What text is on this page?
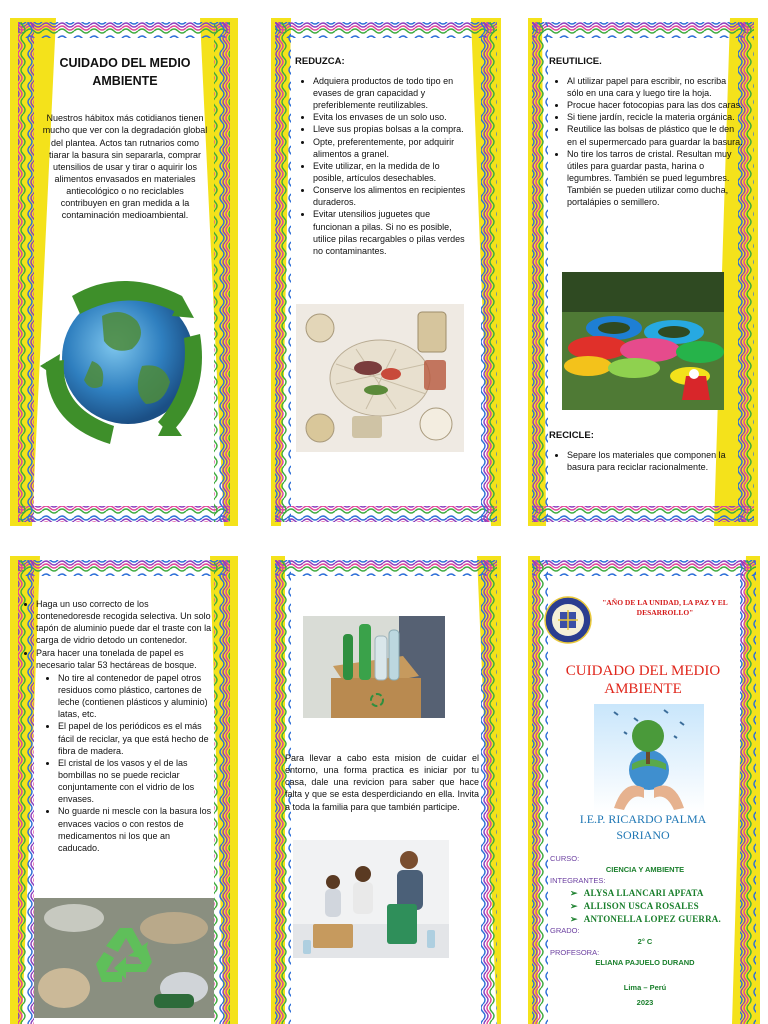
CUIDADO DEL MEDIO AMBIENTE
Nuestros hábitox más cotidianos tienen mucho que ver con la degradación global del plantea. Actos tan rutnarios como tiarar la basura sin separarla, comprar utensilios de usar y tirar o aquirir los alimentos envasados en materiales antiecológico o no reciclables contribuyen en gran medida a la contaminación medioambiental.
REDUZCA:
• Adquiera productos de todo tipo en evases de gran capacidad y preferiblemente reutilizables.
• Evita los envases de un solo uso.
• Lleve sus propias bolsas a la compra.
• Opte, preferentemente, por adquirir alimentos a granel.
• Evite utilizar, en la medida de lo posible, artículos desechables.
• Conserve los alimentos en recipientes duraderos.
• Evitar utensilios juguetes que funcionan a pilas. Si no es posible, utilice pilas recargables o pilas verdes no contaminantes.
REUTILICE.
• Al utilizar papel para escribir, no escriba sólo en una cara y luego tire la hoja.
• Procue hacer fotocopias para las dos caras.
• Si tiene jardín, recicle la materia orgánica.
• Reutilice las bolsas de plástico que le den en el supermercado para guardar la basura.
• No tire los tarros de cristal. Resultan muy útiles para guardar pasta, harina o legumbres. También se pued legumbres. También se pueden utilizar como ducha, portalápies o semillero.
RECICLE:
• Separe los materiales que componen la basura para reciclar racionalmente.
• Haga un uso correcto de los contenedoresde recogida selectiva. Un solo tapón de aluminio puede dar el traste con la carga de vidrio detodo un contenedor.
• Para hacer una tonelada de papel es necesario talar 53 hectáreas de bosque.
• No tire al contenedor de papel otros residuos como plástico, cartones de leche (contienen plásticos y aluminio) latas, etc.
• El papel de los periódicos es el más fácil de reciclar, ya que está hecho de fibra de madera.
• El cristal de los vasos y el de las bombillas no se puede reciclar conjuntamente con el vidrio de los envases.
• No guarde ni mescle con la basura los envaces vacios o con restos de medicamentos ni los que an caducado.
Para llevar a cabo esta mision de cuidar el entorno, una forma practica es iniciar por tu casa, dale una revicion para saber que hace falta y que se esta desperdiciando en ella. Invita a toda la familia para que también participe.
"AÑO DE LA UNIDAD, LA PAZ Y EL DESARROLLO"
CUIDADO DEL MEDIO AMBIENTE
I.E.P. RICARDO PALMA SORIANO
CURSO:
CIENCIA Y AMBIENTE
INTEGRANTES:
➢ ALYSA LLANCARI APFATA
➢ ALLISON USCA ROSALES
➢ ANTONELLA LOPEZ GUERRA.
GRADO:
2° C
PROFESORA:
ELIANA PAJUELO DURAND
Lima – Perú
2023
